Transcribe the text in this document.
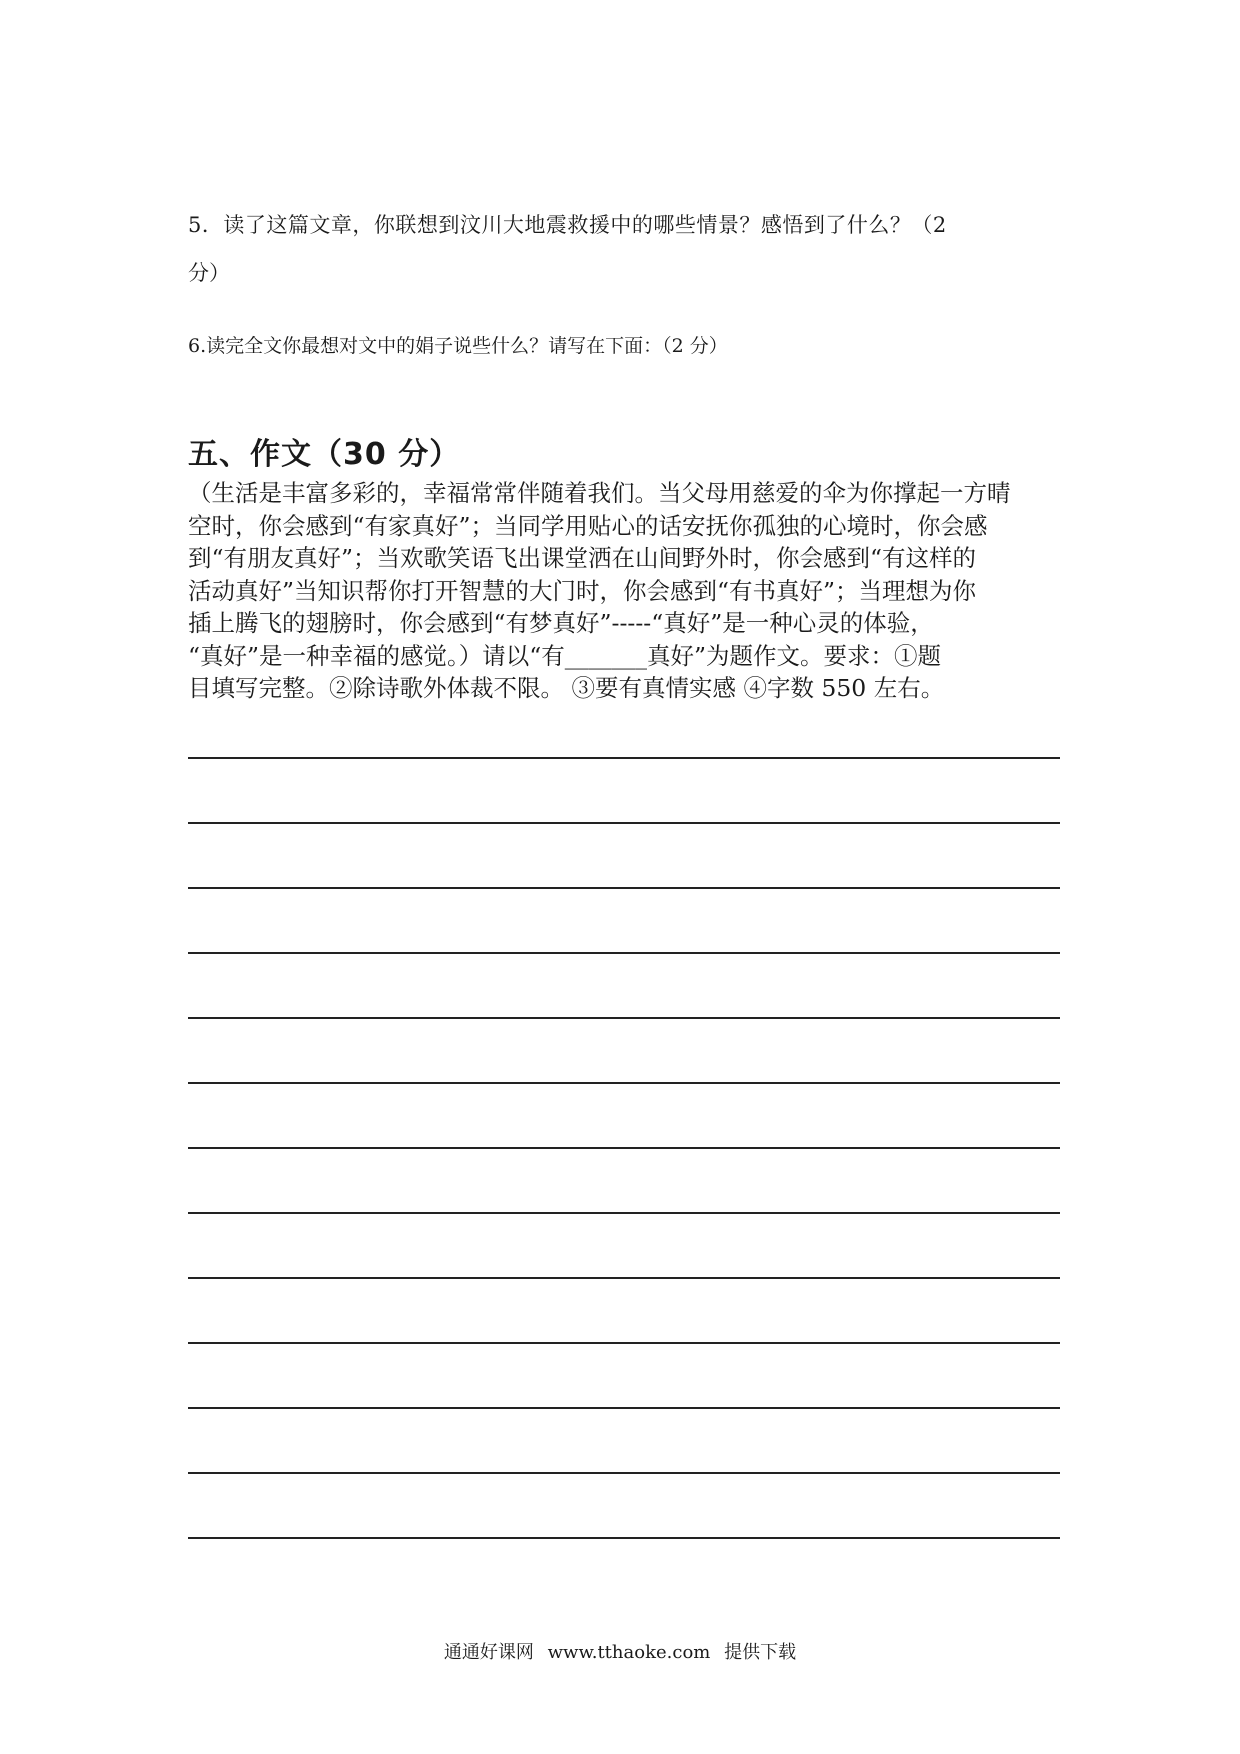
5．读了这篇文章，你联想到汶川大地震救援中的哪些情景？感悟到了什么？（2
分）
6.读完全文你最想对文中的娟子说些什么？请写在下面：（2 分）
五、作文（30 分）
（生活是丰富多彩的，幸福常常伴随着我们。当父母用慈爱的伞为你撑起一方晴
空时，你会感到“有家真好”；当同学用贴心的话安抚你孤独的心境时，你会感
到“有朋友真好”；当欢歌笑语飞出课堂洒在山间野外时，你会感到“有这样的
活动真好”当知识帮你打开智慧的大门时，你会感到“有书真好”；当理想为你
插上腾飞的翅膀时，你会感到“有梦真好”-----“真好”是一种心灵的体验，
“真好”是一种幸福的感觉。）请以“有_______真好”为题作文。要求：①题
目填写完整。②除诗歌外体裁不限。 ③要有真情实感 ④字数 550 左右。
通通好课网 www.tthaoke.com 提供下载
